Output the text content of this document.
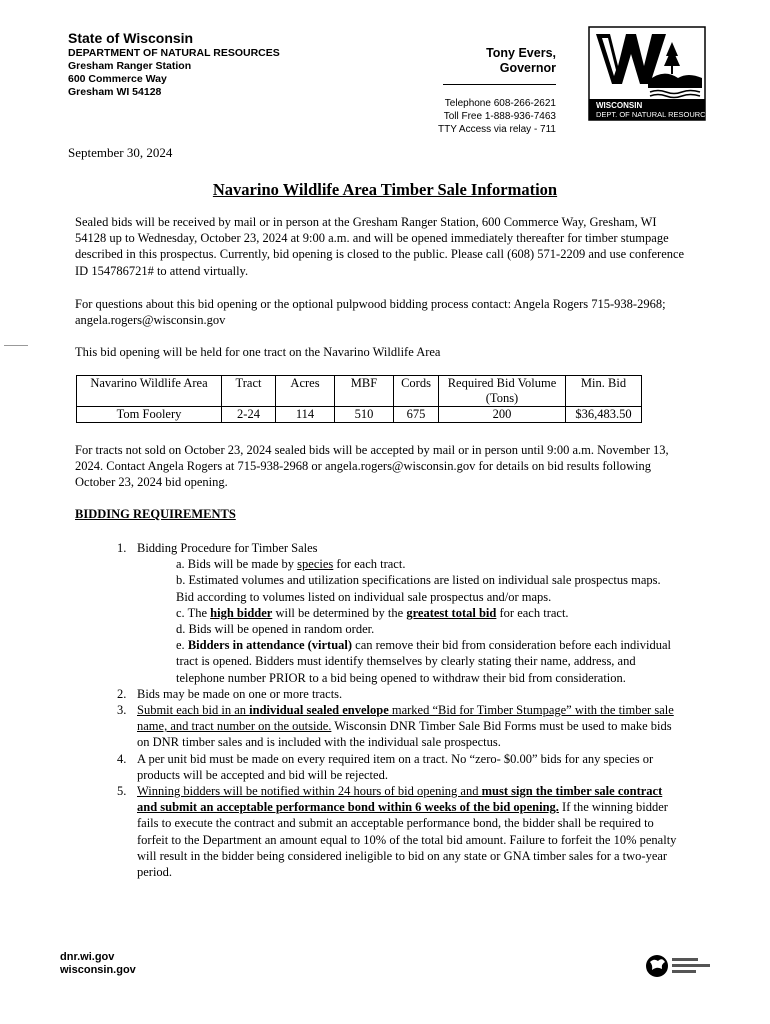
State of Wisconsin
DEPARTMENT OF NATURAL RESOURCES
Gresham Ranger Station
600 Commerce Way
Gresham WI 54128
Tony Evers, Governor
Telephone 608-266-2621
Toll Free 1-888-936-7463
TTY Access via relay - 711
WISCONSIN
DEPT. OF NATURAL RESOURCES
September 30, 2024
Navarino Wildlife Area Timber Sale Information
Sealed bids will be received by mail or in person at the Gresham Ranger Station, 600 Commerce Way, Gresham, WI 54128 up to Wednesday, October 23, 2024 at 9:00 a.m. and will be opened immediately thereafter for timber stumpage described in this prospectus. Currently, bid opening is closed to the public. Please call (608) 571-2209 and use conference ID 154786721# to attend virtually.
For questions about this bid opening or the optional pulpwood bidding process contact: Angela Rogers 715-938-2968; angela.rogers@wisconsin.gov
This bid opening will be held for one tract on the Navarino Wildlife Area
Navarino Wildlife Area	Tract	Acres	MBF	Cords	Required Bid Volume (Tons)	Min. Bid
Tom Foolery	2-24	114	510	675	200	$36,483.50
For tracts not sold on October 23, 2024 sealed bids will be accepted by mail or in person until 9:00 a.m. November 13, 2024. Contact Angela Rogers at 715-938-2968 or angela.rogers@wisconsin.gov for details on bid results following October 23, 2024 bid opening.
BIDDING REQUIREMENTS
1. Bidding Procedure for Timber Sales
a. Bids will be made by species for each tract.
b. Estimated volumes and utilization specifications are listed on individual sale prospectus maps. Bid according to volumes listed on individual sale prospectus and/or maps.
c. The high bidder will be determined by the greatest total bid for each tract.
d. Bids will be opened in random order.
e. Bidders in attendance (virtual) can remove their bid from consideration before each individual tract is opened. Bidders must identify themselves by clearly stating their name, address, and telephone number PRIOR to a bid being opened to withdraw their bid from consideration.
2. Bids may be made on one or more tracts.
3. Submit each bid in an individual sealed envelope marked “Bid for Timber Stumpage” with the timber sale name, and tract number on the outside. Wisconsin DNR Timber Sale Bid Forms must be used to make bids on DNR timber sales and is included with the individual sale prospectus.
4. A per unit bid must be made on every required item on a tract. No “zero- $0.00” bids for any species or products will be accepted and bid will be rejected.
5. Winning bidders will be notified within 24 hours of bid opening and must sign the timber sale contract and submit an acceptable performance bond within 6 weeks of the bid opening. If the winning bidder fails to execute the contract and submit an acceptable performance bond, the bidder shall be required to forfeit to the Department an amount equal to 10% of the total bid amount. Failure to forfeit the 10% penalty will result in the bidder being considered ineligible to bid on any state or GNA timber sales for a two-year period.
dnr.wi.gov
wisconsin.gov
